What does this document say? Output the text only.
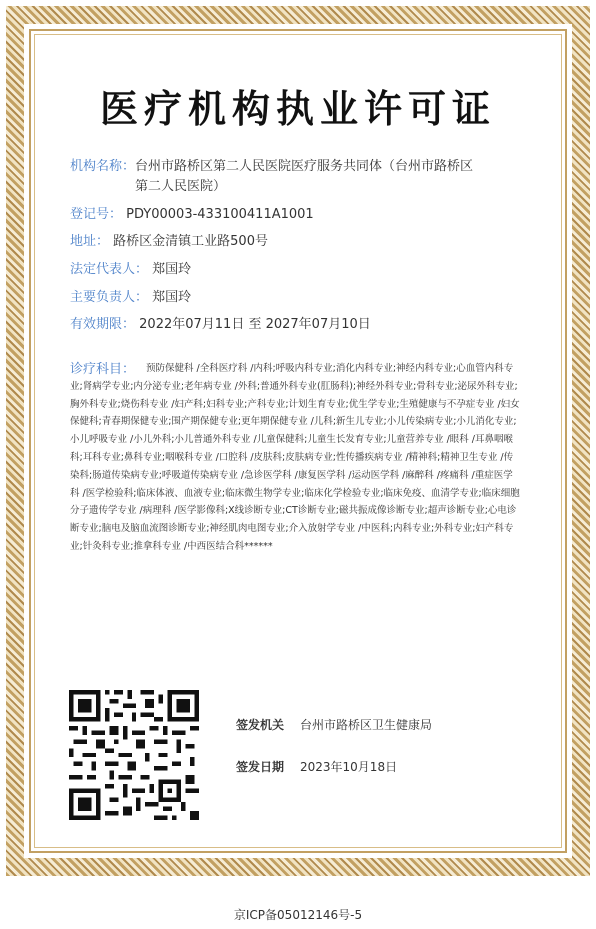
医疗机构执业许可证
机构名称：台州市路桥区第二人民医院医疗服务共同体（台州市路桥区第二人民医院）
登记号： PDY00003-433100411A1001
地址： 路桥区金清镇工业路500号
法定代表人： 郑国玲
主要负责人： 郑国玲
有效期限： 2022年07月11日 至 2027年07月10日
诊疗科目：	预防保健科 /全科医疗科 /内科;呼吸内科专业;消化内科专业;神经内科专业;心血管内科专业;肾病学专业;内分泌专业;老年病专业 /外科;普通外科专业(肛肠科);神经外科专业;骨科专业;泌尿外科专业;胸外科专业;烧伤科专业 /妇产科;妇科专业;产科专业;计划生育专业;优生学专业;生殖健康与不孕症专业 /妇女保健科;青春期保健专业;围产期保健专业;更年期保健专业 /儿科;新生儿专业;小儿传染病专业;小儿消化专业;小儿呼吸专业 /小儿外科;小儿普通外科专业 /儿童保健科;儿童生长发育专业;儿童营养专业 /眼科 /耳鼻咽喉科;耳科专业;鼻科专业;咽喉科专业 /口腔科 /皮肤科;皮肤病专业;性传播疾病专业 /精神科;精神卫生专业 /传染科;肠道传染病专业;呼吸道传染病专业 /急诊医学科 /康复医学科 /运动医学科 /麻醉科 /疼痛科 /重症医学科 /医学检验科;临床体液、血液专业;临床微生物学专业;临床化学检验专业;临床免疫、血清学专业;临床细胞分子遗传学专业 /病理科 /医学影像科;X线诊断专业;CT诊断专业;磁共振成像诊断专业;超声诊断专业;心电诊断专业;脑电及脑血流图诊断专业;神经肌肉电图专业;介入放射学专业 /中医科;内科专业;外科专业;妇产科专业;针灸科专业;推拿科专业 /中西医结合科******
签发机关 台州市路桥区卫生健康局
签发日期 2023年10月18日
京ICP备05012146号-5
